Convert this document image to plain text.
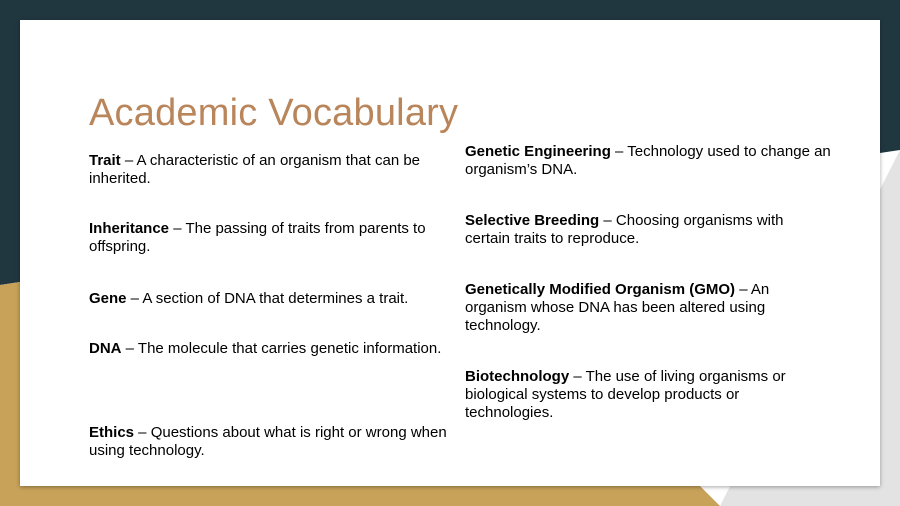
Academic Vocabulary
Trait – A characteristic of an organism that can be inherited.
Inheritance – The passing of traits from parents to offspring.
Gene – A section of DNA that determines a trait.
DNA – The molecule that carries genetic information.
Ethics – Questions about what is right or wrong when using technology.
Genetic Engineering – Technology used to change an organism’s DNA.
Selective Breeding – Choosing organisms with certain traits to reproduce.
Genetically Modified Organism (GMO) – An organism whose DNA has been altered using technology.
Biotechnology – The use of living organisms or biological systems to develop products or technologies.
